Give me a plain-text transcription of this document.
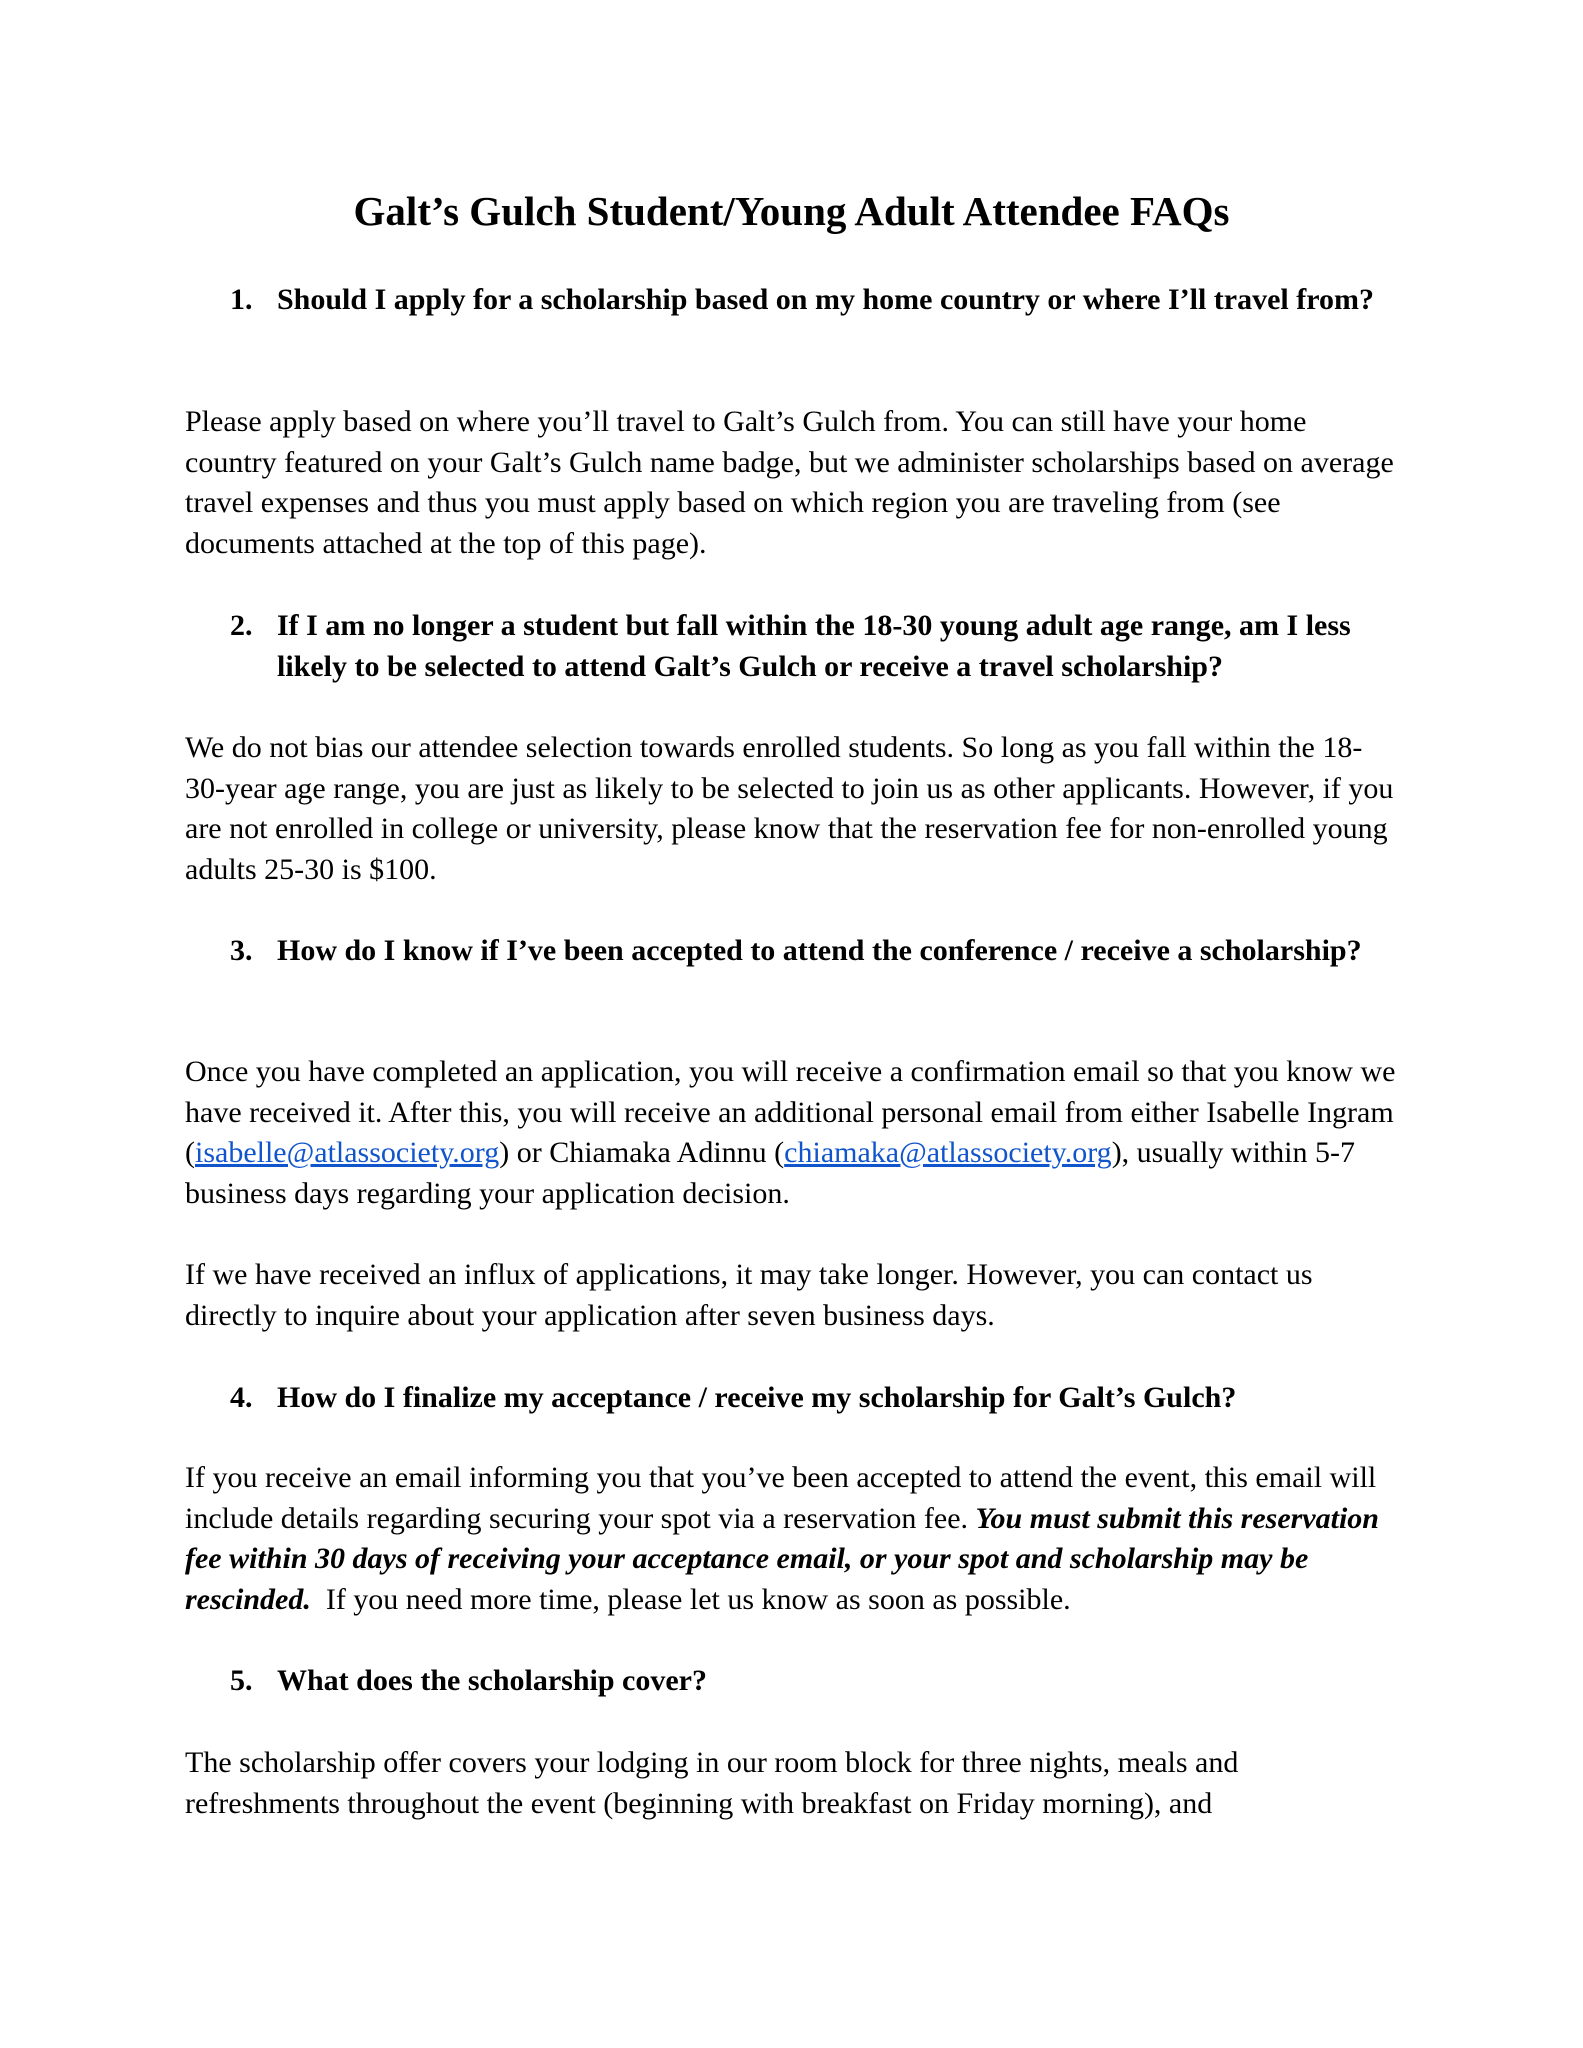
Galt’s Gulch Student/Young Adult Attendee FAQs
1. Should I apply for a scholarship based on my home country or where I’ll travel from?
Please apply based on where you’ll travel to Galt’s Gulch from. You can still have your home country featured on your Galt’s Gulch name badge, but we administer scholarships based on average travel expenses and thus you must apply based on which region you are traveling from (see documents attached at the top of this page).
2. If I am no longer a student but fall within the 18-30 young adult age range, am I less likely to be selected to attend Galt’s Gulch or receive a travel scholarship?
We do not bias our attendee selection towards enrolled students. So long as you fall within the 18-30-year age range, you are just as likely to be selected to join us as other applicants. However, if you are not enrolled in college or university, please know that the reservation fee for non-enrolled young adults 25-30 is $100.
3. How do I know if I’ve been accepted to attend the conference / receive a scholarship?
Once you have completed an application, you will receive a confirmation email so that you know we have received it. After this, you will receive an additional personal email from either Isabelle Ingram (isabelle@atlassociety.org) or Chiamaka Adinnu (chiamaka@atlassociety.org), usually within 5-7 business days regarding your application decision.
If we have received an influx of applications, it may take longer. However, you can contact us directly to inquire about your application after seven business days.
4. How do I finalize my acceptance / receive my scholarship for Galt’s Gulch?
If you receive an email informing you that you’ve been accepted to attend the event, this email will include details regarding securing your spot via a reservation fee. You must submit this reservation fee within 30 days of receiving your acceptance email, or your spot and scholarship may be rescinded.  If you need more time, please let us know as soon as possible.
5. What does the scholarship cover?
The scholarship offer covers your lodging in our room block for three nights, meals and refreshments throughout the event (beginning with breakfast on Friday morning), and
